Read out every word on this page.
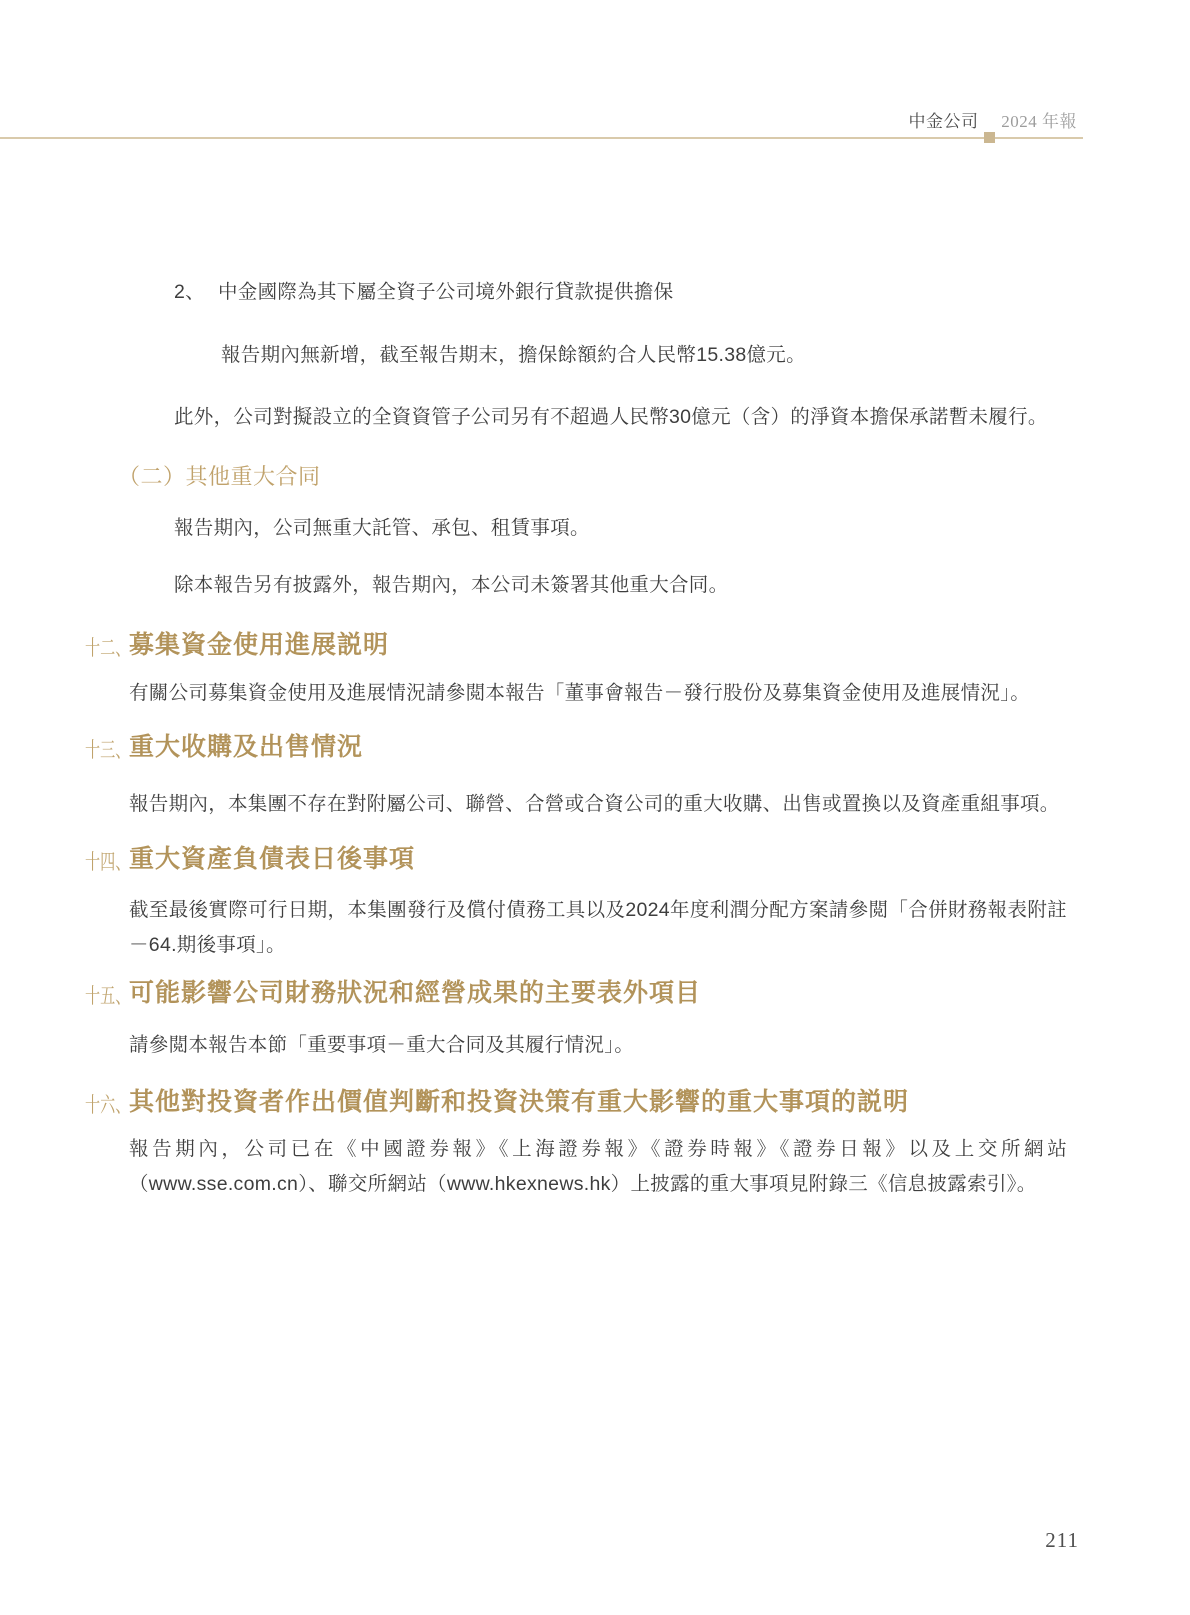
中金公司 2024 年報
2、 中金國際為其下屬全資子公司境外銀行貸款提供擔保
報告期內無新增，截至報告期末，擔保餘額約合人民幣15.38億元。
此外，公司對擬設立的全資資管子公司另有不超過人民幣30億元（含）的淨資本擔保承諾暫未履行。
（二）其他重大合同
報告期內，公司無重大託管、承包、租賃事項。
除本報告另有披露外，報告期內，本公司未簽署其他重大合同。
十二、
募集資金使用進展説明
有關公司募集資金使用及進展情況請參閲本報告「董事會報告－發行股份及募集資金使用及進展情況」。
十三、
重大收購及出售情況
報告期內，本集團不存在對附屬公司、聯營、合營或合資公司的重大收購、出售或置換以及資產重組事項。
十四、
重大資產負債表日後事項
截至最後實際可行日期，本集團發行及償付債務工具以及2024年度利潤分配方案請參閲「合併財務報表附註－64.期後事項」。
十五、
可能影響公司財務狀況和經營成果的主要表外項目
請參閲本報告本節「重要事項－重大合同及其履行情況」。
十六、
其他對投資者作出價值判斷和投資決策有重大影響的重大事項的説明
報告期內，公司已在《中國證券報》《上海證券報》《證券時報》《證券日報》以及上交所網站（www.sse.com.cn）、聯交所網站（www.hkexnews.hk）上披露的重大事項見附錄三《信息披露索引》。
211
